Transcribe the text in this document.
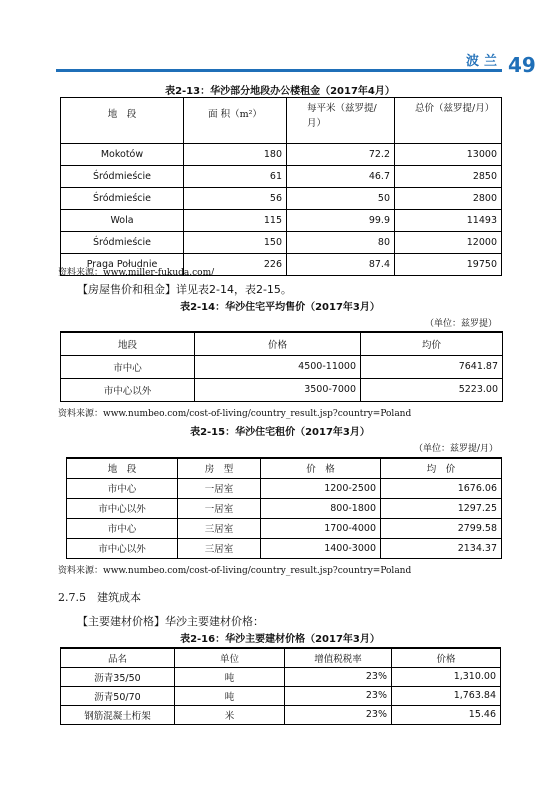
波兰 49
表2-13：华沙部分地段办公楼租金（2017年4月）
地　段	面 积（m²）	每平米（兹罗提/月）	总价（兹罗提/月）
Mokotów	180	72.2	13000
Śródmieście	61	46.7	2850
Śródmieście	56	50	2800
Wola	115	99.9	11493
Śródmieście	150	80	12000
Praga Południe	226	87.4	19750
资料来源：www.miller-fukuda.com/
【房屋售价和租金】详见表2-14，表2-15。
表2-14：华沙住宅平均售价（2017年3月）
（单位：兹罗提）
地段	价格	均价
市中心	4500-11000	7641.87
市中心以外	3500-7000	5223.00
资料来源：www.numbeo.com/cost-of-living/country_result.jsp?country=Poland
表2-15：华沙住宅租价（2017年3月）
（单位：兹罗提/月）
地　段	房　型	价　格	均　价
市中心	一居室	1200-2500	1676.06
市中心以外	一居室	800-1800	1297.25
市中心	三居室	1700-4000	2799.58
市中心以外	三居室	1400-3000	2134.37
资料来源：www.numbeo.com/cost-of-living/country_result.jsp?country=Poland
2.7.5　建筑成本
【主要建材价格】华沙主要建材价格：
表2-16：华沙主要建材价格（2017年3月）
品名	单位	增值税税率	价格
沥青35/50	吨	23%	1,310.00
沥青50/70	吨	23%	1,763.84
钢筋混凝土桁架	米	23%	15.46
